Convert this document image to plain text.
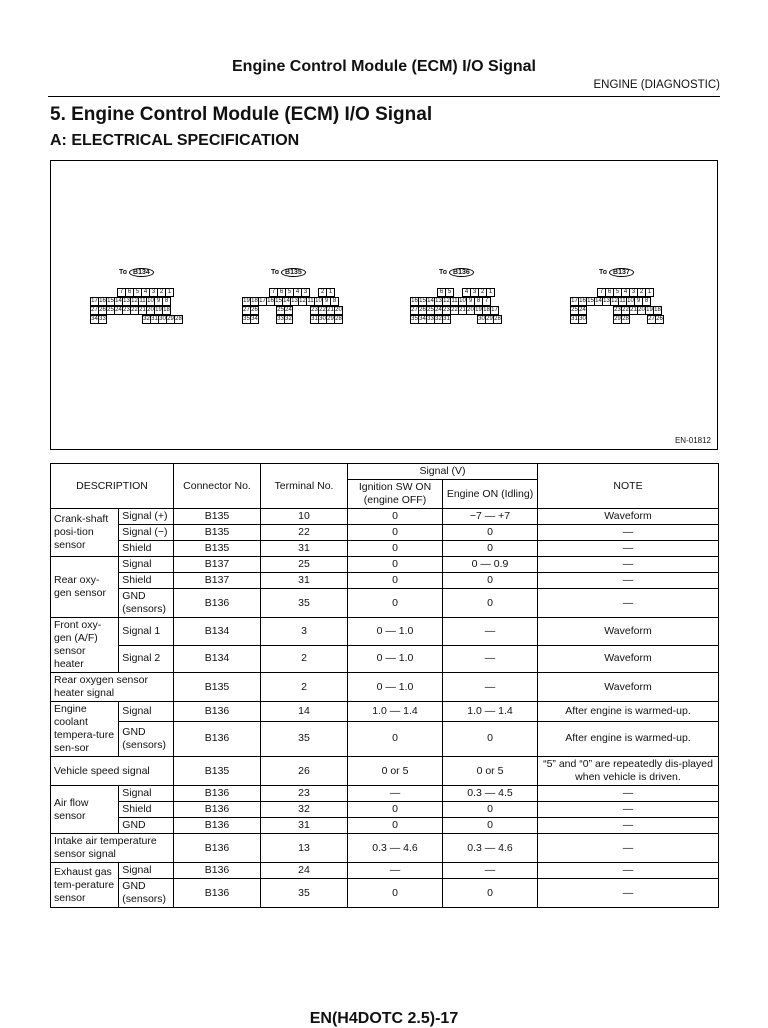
Engine Control Module (ECM) I/O Signal
ENGINE (DIAGNOSTIC)
5. Engine Control Module (ECM) I/O Signal
A: ELECTRICAL SPECIFICATION
To B134
7 6 5 4 3 2 1
17 16 15 14 13 12 11 10 9 8
27 26 25 24 23 22 21 20 19 18
34 33	32 31 30 29 28
To B135
7 6 5 4 3	2 1
19 18 17 16 15 14 13 12 11 10 9 8
27 26	25 24	23 22 21 20
35 34	33 32	31 30 29 28
To B136
6 5	4 3 2 1
16 15 14 13 12 11 10 9 8 7
27 26 25 24 23 22 21 20 19 18 17
35 34 33 32 31	30 29 28
To B137
7 6 5 4 3 2 1
17 16 15 14 13 12 11 10 9 8
25 24	23 22 21 20 19 18
31 30	29 28	27 26
EN-01812
DESCRIPTION		Connector No.	Terminal No.	Signal (V)		NOTE
				Ignition SW ON (engine OFF)	Engine ON (Idling)	
Crank-shaft posi-tion sensor	Signal (+)	B135	10	0	−7 — +7	Waveform
	Signal (−)	B135	22	0	0	—
	Shield	B135	31	0	0	—
Rear oxy-gen sensor	Signal	B137	25	0	0 — 0.9	—
	Shield	B137	31	0	0	—
	GND (sensors)	B136	35	0	0	—
Front oxy-gen (A/F) sensor heater	Signal 1	B134	3	0 — 1.0	—	Waveform
	Signal 2	B134	2	0 — 1.0	—	Waveform
Rear oxygen sensor heater signal		B135	2	0 — 1.0	—	Waveform
Engine coolant tempera-ture sen-sor	Signal	B136	14	1.0 — 1.4	1.0 — 1.4	After engine is warmed-up.
	GND (sensors)	B136	35	0	0	After engine is warmed-up.
Vehicle speed signal		B135	26	0 or 5	0 or 5	“5” and “0” are repeatedly dis-played when vehicle is driven.
Air flow sensor	Signal	B136	23	—	0.3 — 4.5	—
	Shield	B136	32	0	0	—
	GND	B136	31	0	0	—
Intake air temperature sensor signal		B136	13	0.3 — 4.6	0.3 — 4.6	—
Exhaust gas tem-perature sensor	Signal	B136	24	—	—	—
	GND (sensors)	B136	35	0	0	—
EN(H4DOTC 2.5)-17
